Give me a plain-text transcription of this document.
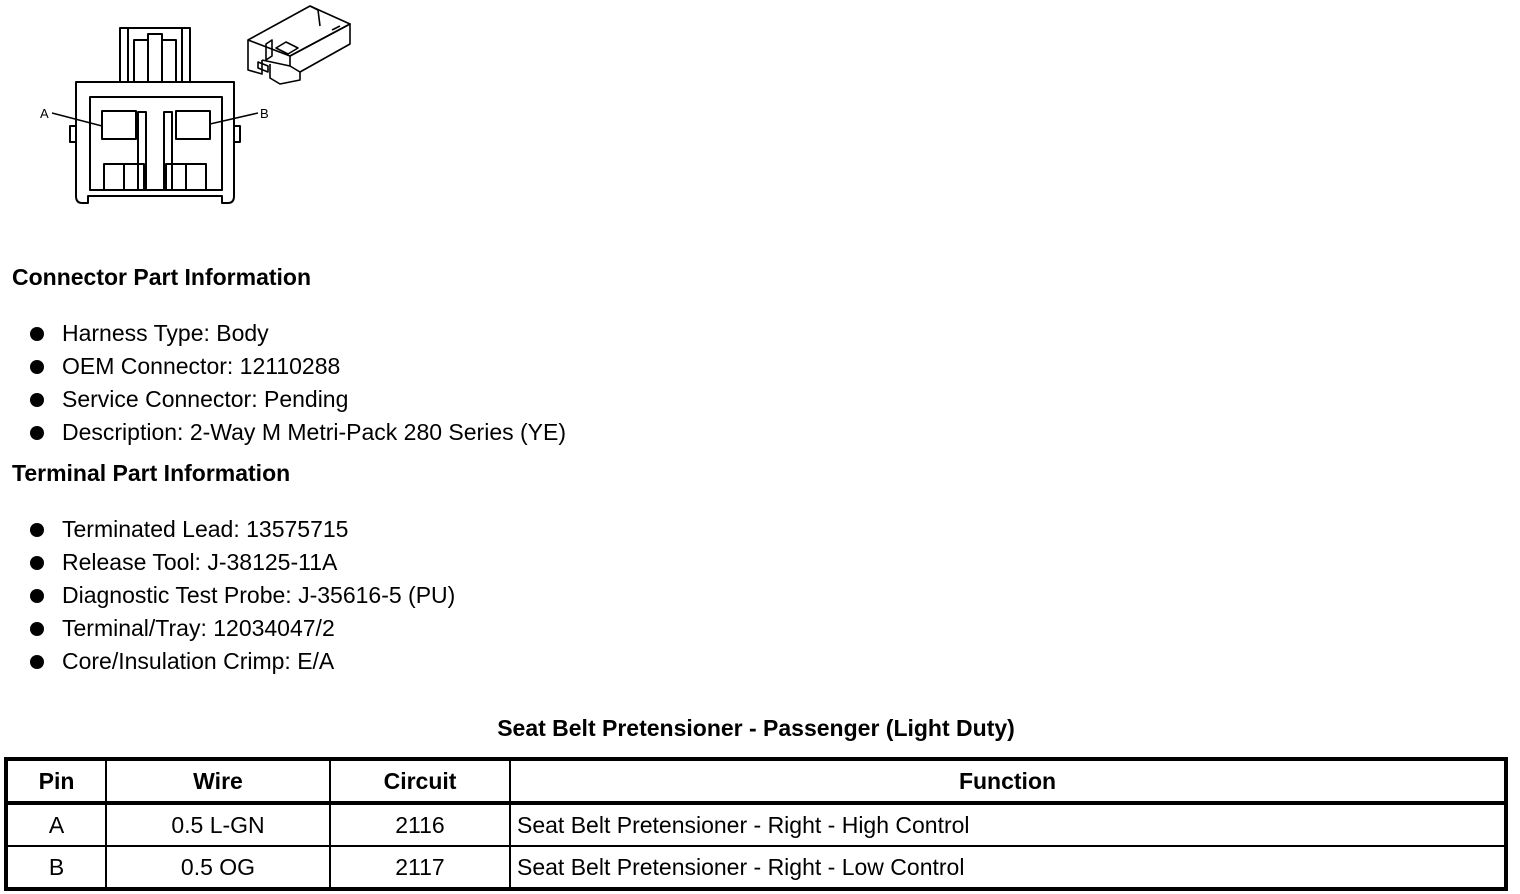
A	B
Connector Part Information
Harness Type: Body
OEM Connector: 12110288
Service Connector: Pending
Description: 2-Way M Metri-Pack 280 Series (YE)
Terminal Part Information
Terminated Lead: 13575715
Release Tool: J-38125-11A
Diagnostic Test Probe: J-35616-5 (PU)
Terminal/Tray: 12034047/2
Core/Insulation Crimp: E/A
Seat Belt Pretensioner - Passenger (Light Duty)
Pin	Wire	Circuit	Function
A	0.5 L-GN	2116	Seat Belt Pretensioner - Right - High Control
B	0.5 OG	2117	Seat Belt Pretensioner - Right - Low Control
